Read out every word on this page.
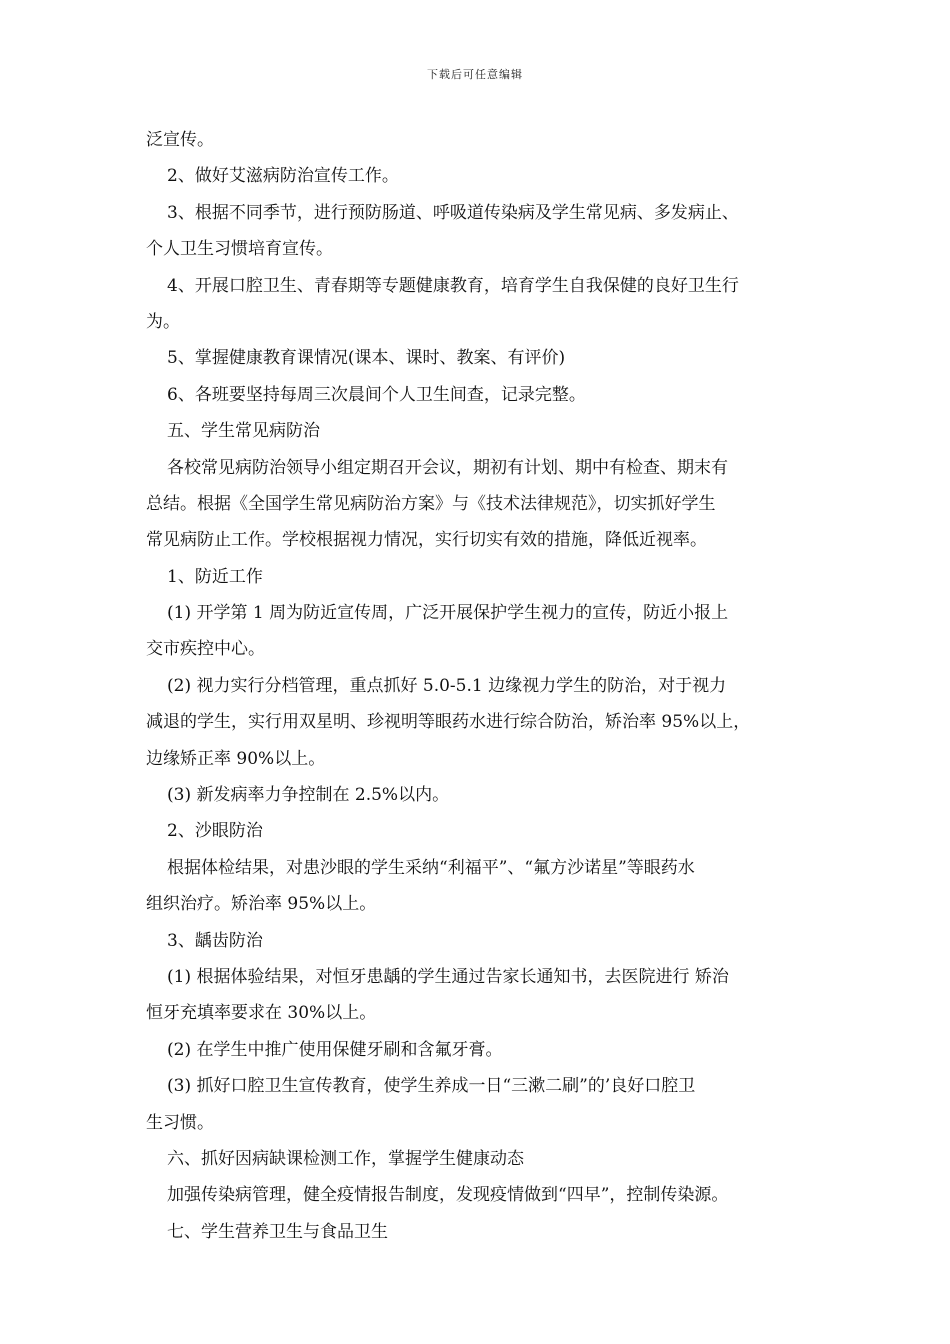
下载后可任意编辑
泛宣传。
2、做好艾滋病防治宣传工作。
3、根据不同季节，进行预防肠道、呼吸道传染病及学生常见病、多发病止、
个人卫生习惯培育宣传。
4、开展口腔卫生、青春期等专题健康教育，培育学生自我保健的良好卫生行
为。
5、掌握健康教育课情况(课本、课时、教案、有评价)
6、各班要坚持每周三次晨间个人卫生间查，记录完整。
五、学生常见病防治
各校常见病防治领导小组定期召开会议，期初有计划、期中有检查、期末有
总结。根据《全国学生常见病防治方案》与《技术法律规范》，切实抓好学生
常见病防止工作。学校根据视力情况，实行切实有效的措施，降低近视率。
1、防近工作
(1) 开学第 1 周为防近宣传周，广泛开展保护学生视力的宣传，防近小报上
交市疾控中心。
(2) 视力实行分档管理，重点抓好 5.0-5.1 边缘视力学生的防治，对于视力
减退的学生，实行用双星明、珍视明等眼药水进行综合防治，矫治率 95%以上，
边缘矫正率 90%以上。
(3) 新发病率力争控制在 2.5%以内。
2、沙眼防治
根据体检结果，对患沙眼的学生采纳“利福平”、“氟方沙诺星”等眼药水
组织治疗。矫治率 95%以上。
3、龋齿防治
(1) 根据体验结果，对恒牙患龋的学生通过告家长通知书，去医院进行 矫治
恒牙充填率要求在 30%以上。
(2) 在学生中推广使用保健牙刷和含氟牙膏。
(3) 抓好口腔卫生宣传教育，使学生养成一日“三漱二刷”的’良好口腔卫
生习惯。
六、抓好因病缺课检测工作，掌握学生健康动态
加强传染病管理，健全疫情报告制度，发现疫情做到“四早”，控制传染源。
七、学生营养卫生与食品卫生
